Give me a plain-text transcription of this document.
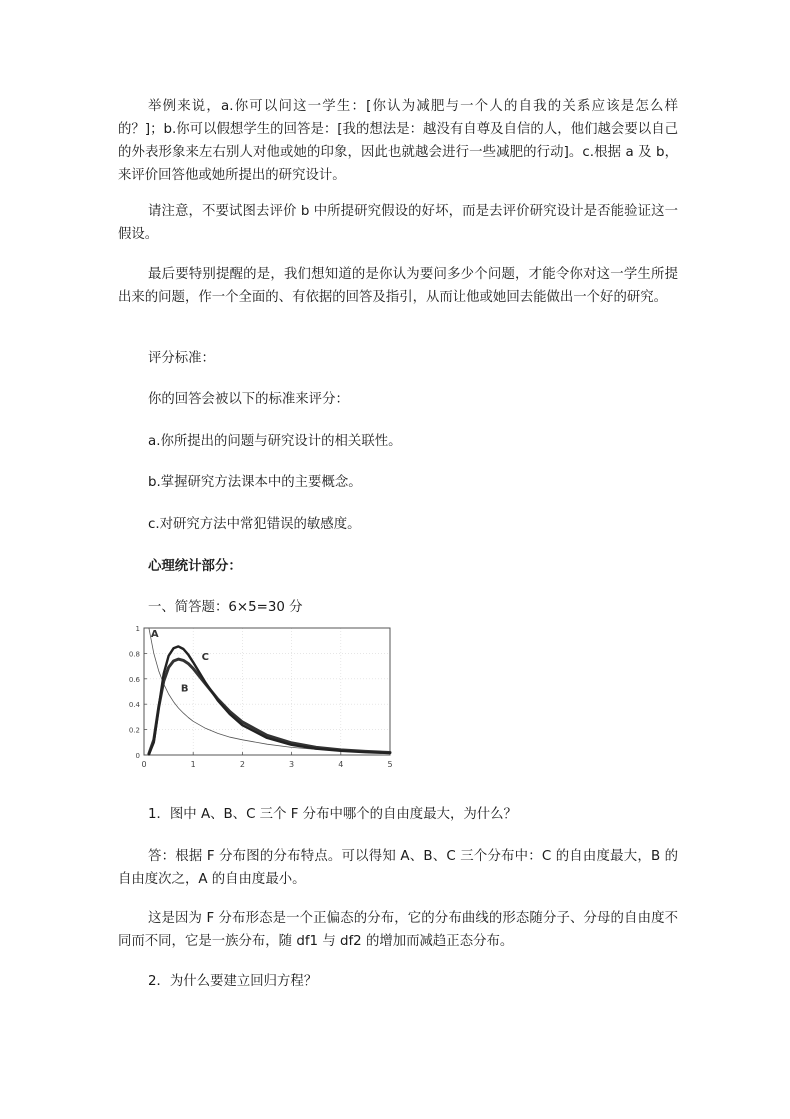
举例来说，a.你可以问这一学生：[你认为减肥与一个人的自我的关系应该是怎么样的？]；b.你可以假想学生的回答是：[我的想法是：越没有自尊及自信的人，他们越会要以自己的外表形象来左右别人对他或她的印象，因此也就越会进行一些减肥的行动]。c.根据 a 及 b，来评价回答他或她所提出的研究设计。

请注意，不要试图去评价 b 中所提研究假设的好坏，而是去评价研究设计是否能验证这一假设。

最后要特别提醒的是，我们想知道的是你认为要问多少个问题，才能令你对这一学生所提出来的问题，作一个全面的、有依据的回答及指引，从而让他或她回去能做出一个好的研究。

评分标准：

你的回答会被以下的标准来评分：

a.你所提出的问题与研究设计的相关联性。

b.掌握研究方法课本中的主要概念。

c.对研究方法中常犯错误的敏感度。

心理统计部分：

一、简答题：6×5=30 分

0	1	2	3	4	5
0
0.2
0.4
0.6
0.8
1 A
B
C

1．图中 A、B、C 三个 F 分布中哪个的自由度最大，为什么？

答：根据 F 分布图的分布特点。可以得知 A、B、C 三个分布中：C 的自由度最大，B 的自由度次之，A 的自由度最小。

这是因为 F 分布形态是一个正偏态的分布，它的分布曲线的形态随分子、分母的自由度不同而不同，它是一族分布，随 df1 与 df2 的增加而减趋正态分布。

2．为什么要建立回归方程？
